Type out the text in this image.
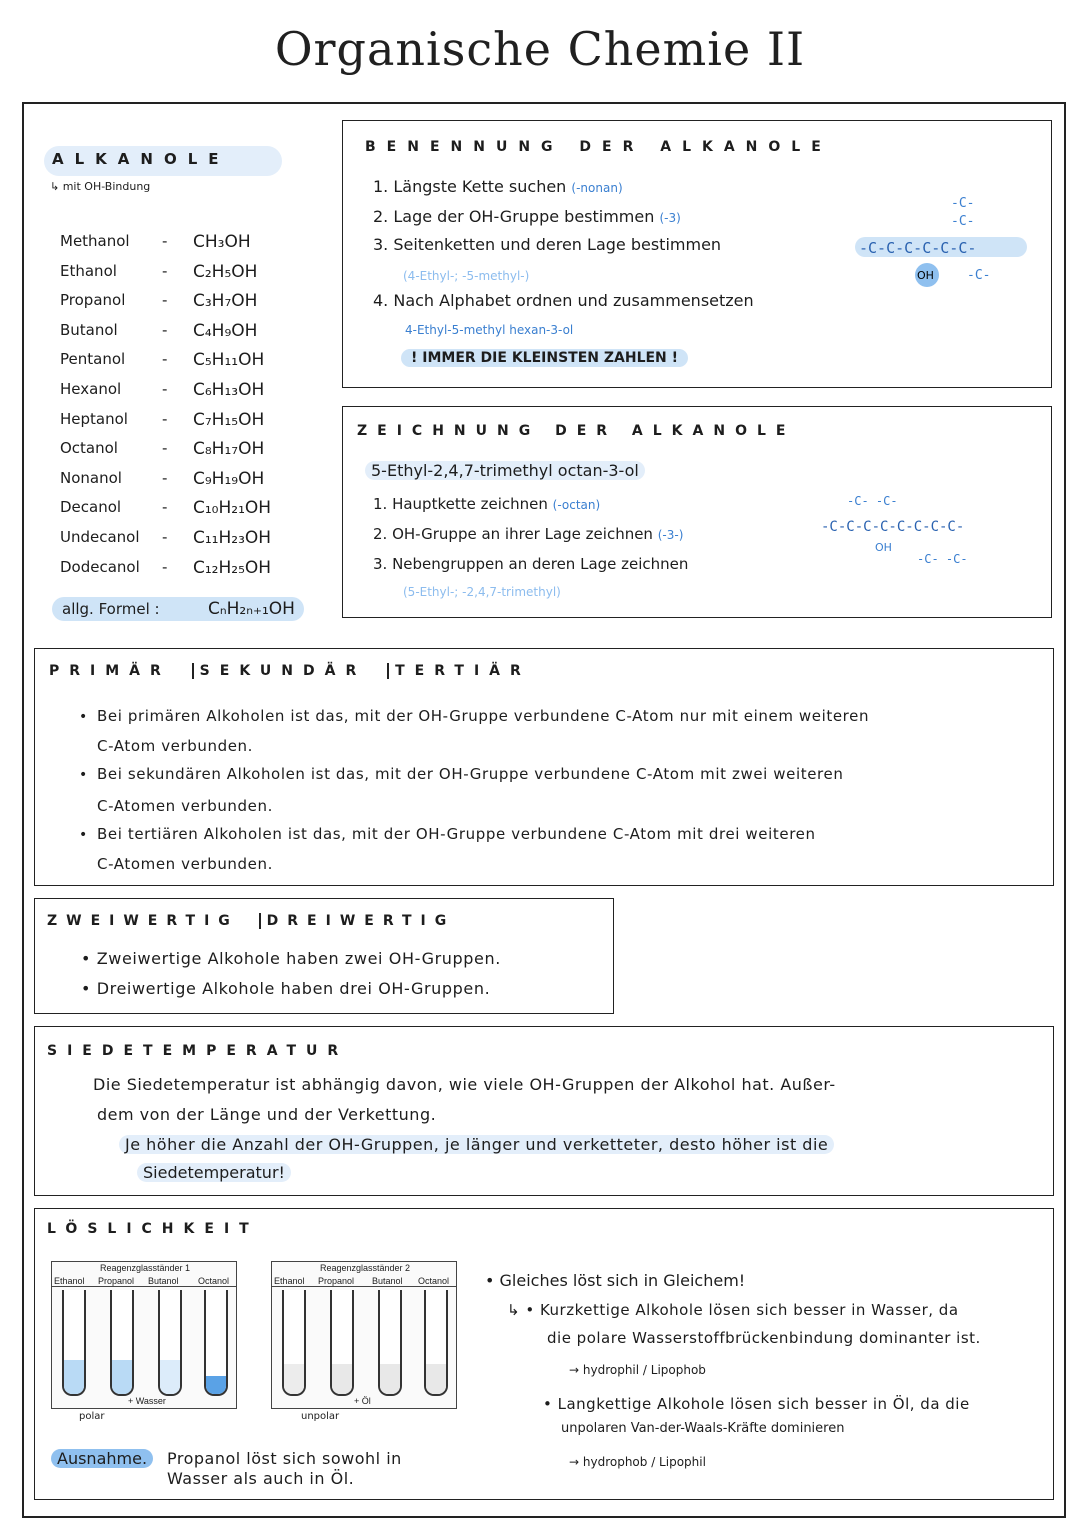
Organische Chemie II
ALKANOLE
↳ mit OH-Bindung
Methanol - CH₃OH
Ethanol	- C₂H₅OH
Propanol - C₃H₇OH
Butanol	- C₄H₉OH
Pentanol - C₅H₁₁OH
Hexanol	- C₆H₁₃OH
Heptanol - C₇H₁₅OH
Octanol	- C₈H₁₇OH
Nonanol	- C₉H₁₉OH
Decanol	- C₁₀H₂₁OH
Undecanol - C₁₁H₂₃OH
Dodecanol - C₁₂H₂₅OH
allg. Formel :	CₙH₂ₙ₊₁OH
BENENNUNG DER ALKANOLE
1. Längste Kette suchen (-nonan)
2. Lage der OH-Gruppe bestimmen (-3)
3. Seitenketten und deren Lage bestimmen
(4-Ethyl-; -5-methyl-)
4. Nach Alphabet ordnen und zusammensetzen
4-Ethyl-5-methyl hexan-3-ol
! IMMER DIE KLEINSTEN ZAHLEN !
-C-
-C-
-C-C-C-C-C-C-
OH	-C-
ZEICHNUNG DER ALKANOLE
5-Ethyl-2,4,7-trimethyl octan-3-ol
1. Hauptkette zeichnen (-octan)
2. OH-Gruppe an ihrer Lage zeichnen (-3-)
3. Nebengruppen an deren Lage zeichnen
(5-Ethyl-; -2,4,7-trimethyl)
-C- -C-
-C-C-C-C-C-C-C-C-
OH
-C- -C-
PRIMÄR SEKUNDÄR TERTIÄR
• Bei primären Alkoholen ist das, mit der OH-Gruppe verbundene C-Atom nur mit einem weiteren
C-Atom verbunden.
• Bei sekundären Alkoholen ist das, mit der OH-Gruppe verbundene C-Atom mit zwei weiteren
C-Atomen verbunden.
• Bei tertiären Alkoholen ist das, mit der OH-Gruppe verbundene C-Atom mit drei weiteren
C-Atomen verbunden.
ZWEIWERTIG DREIWERTIG
• Zweiwertige Alkohole haben zwei OH-Gruppen.
• Dreiwertige Alkohole haben drei OH-Gruppen.
SIEDETEMPERATUR
Die Siedetemperatur ist abhängig davon, wie viele OH-Gruppen der Alkohol hat. Außer-
dem von der Länge und der Verkettung.
Je höher die Anzahl der OH-Gruppen, je länger und verketteter, desto höher ist die
Siedetemperatur!
LÖSLICHKEIT
Reagenzglasständer 1
Ethanol Propanol Butanol Octanol
+ Wasser
polar
Reagenzglasständer 2
Ethanol Propanol Butanol Octanol
+ Öl
unpolar
Ausnahme.	Propanol löst sich sowohl in
Wasser als auch in Öl.
• Gleiches löst sich in Gleichem!
↳ • Kurzkettige Alkohole lösen sich besser in Wasser, da
die polare Wasserstoffbrückenbindung dominanter ist.
→ hydrophil / Lipophob
• Langkettige Alkohole lösen sich besser in Öl, da die
unpolaren Van-der-Waals-Kräfte dominieren
→ hydrophob / Lipophil
